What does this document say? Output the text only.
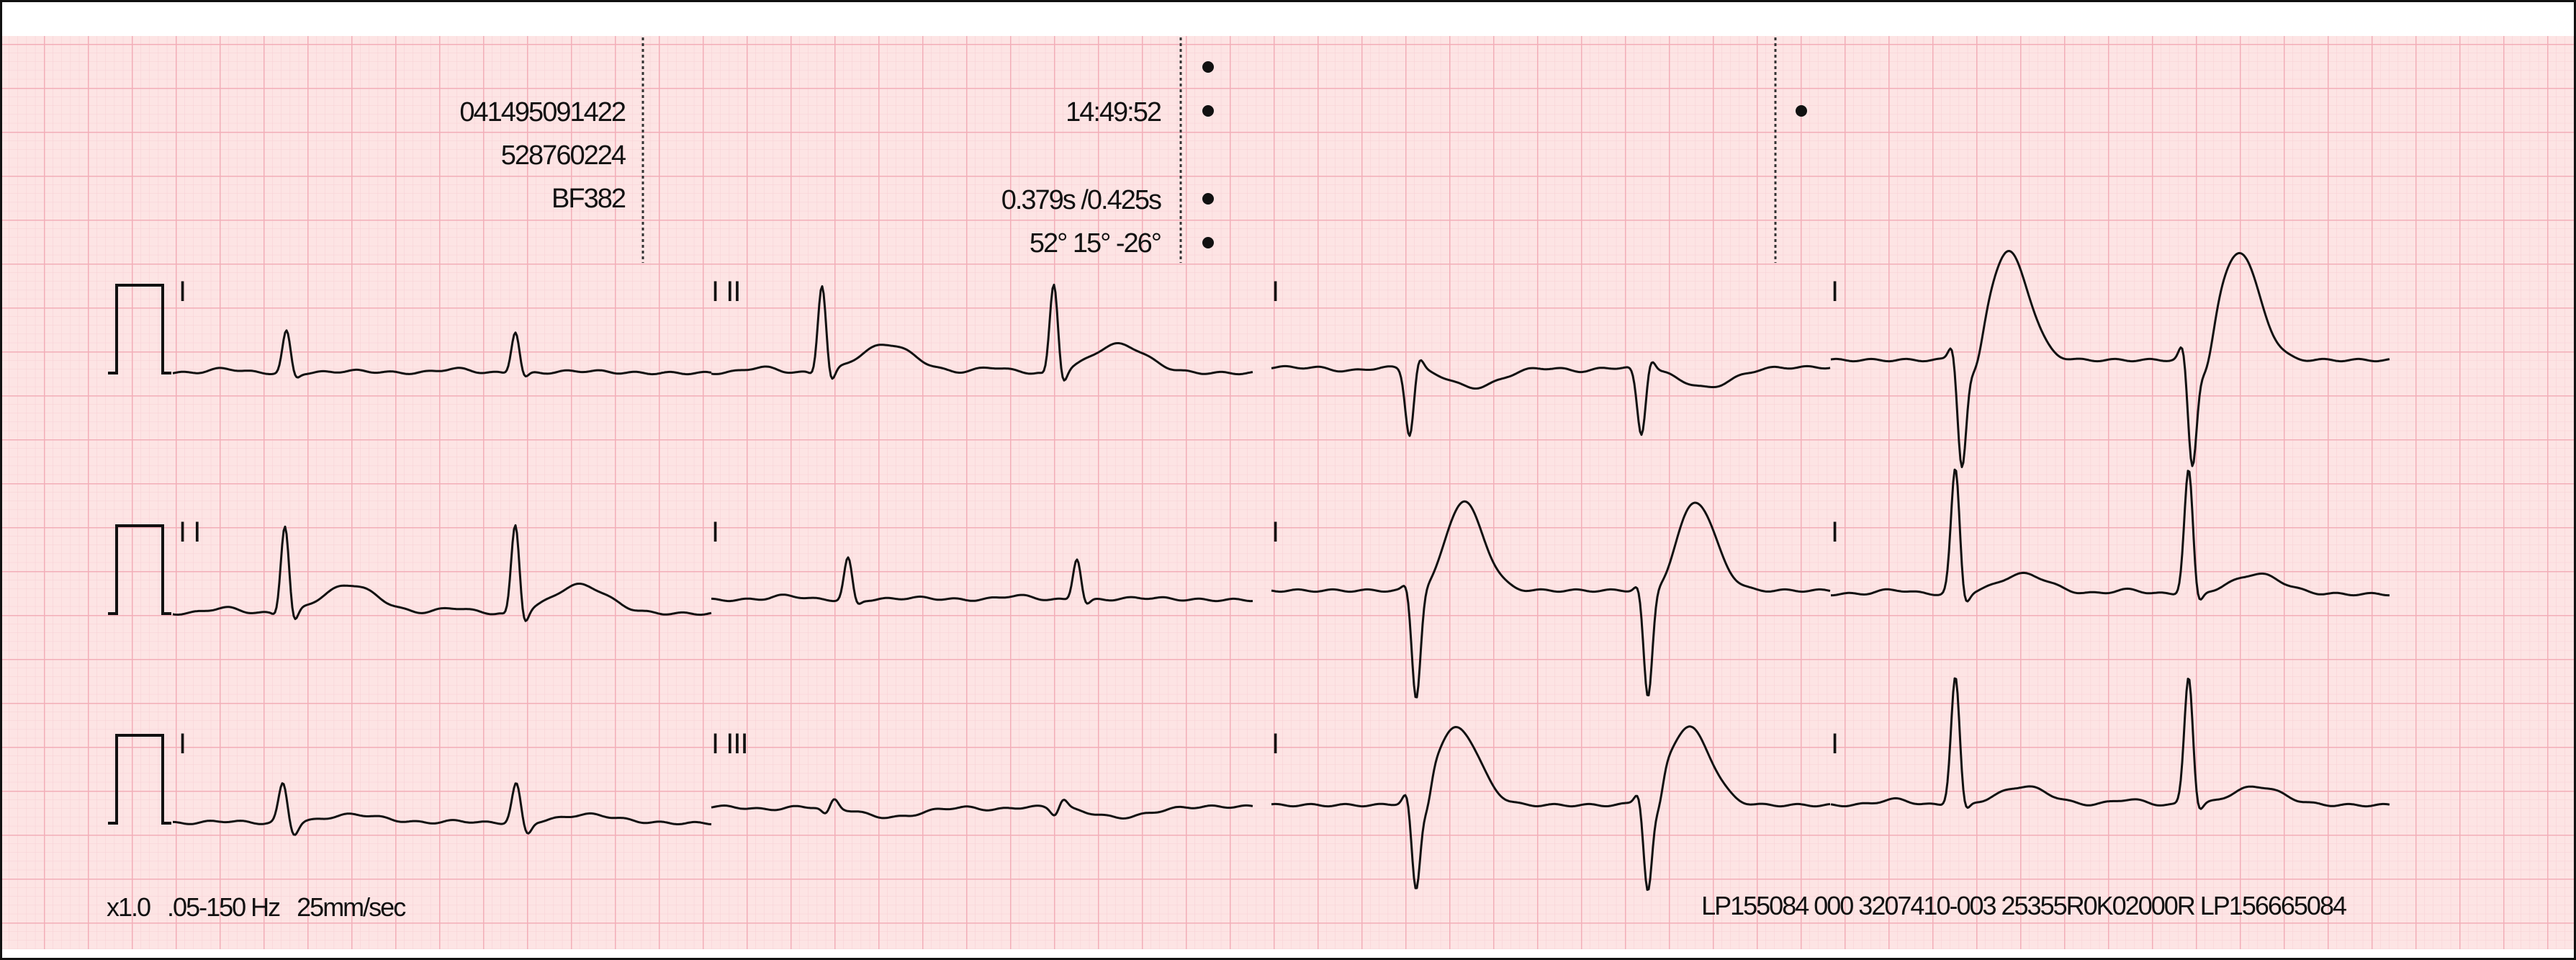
041495091422
528760224
BF382
14:49:52
0.379s /0.425s
52° 15° -26°
I	I II	I	I
I I	I	I	I
I	I III	I	I
x1.0   .05-150 Hz   25mm/sec	LP155084 000 3207410-003 25355R0K02000R LP156665084
